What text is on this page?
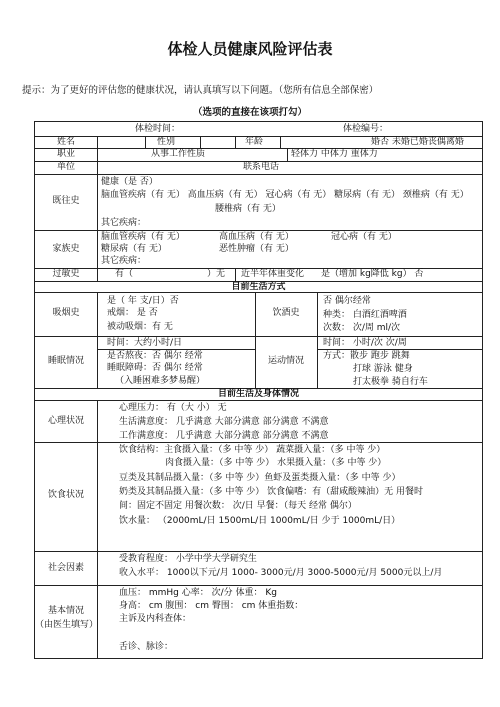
体检人员健康风险评估表
提示：为了更好的评估您的健康状况，请认真填写以下问题。（您所有信息全部保密）
（选项的直接在该项打勾）
体检时间：	体检编号：
姓名	性别	年龄	婚否 未婚已婚丧偶离婚
职业	从事工作性质	轻体力 中体力 重体力
单位	联系电话
既往史
健康（是 否）
脑血管疾病（有 无） 高血压病（有 无） 冠心病（有 无） 糖尿病（有 无） 颈椎病（有 无）
腰椎病（有 无）
其它疾病：
家族史
脑血管疾病（有 无）	高血压病（有 无）	冠心病（有 无）
糖尿病（有 无）	恶性肿瘤（有 无）
其它疾病：
过敏史	有（	）无 近半年体重变化 是（增加 kg降低 kg） 否
目前生活方式
吸烟史
是（ 年 支/日）否
戒烟： 是 否
被动吸烟：有 无
饮酒史
否 偶尔经常
种类： 白酒红酒啤酒
次数： 次/周 ml/次
睡眠情况
时间：大约小时/日
是否熬夜：否 偶尔 经常
睡眠障碍：否 偶尔 经常
（入睡困难多梦易醒）
运动情况
时间： 小时/次 次/周
方式：散步 跑步 跳舞
打球 游泳 健身
打太极拳 骑自行车
目前生活及身体情况
心理状况
心理压力： 有（大 小） 无
生活满意度： 几乎满意 大部分满意 部分满意 不满意
工作满意度： 几乎满意 大部分满意 部分满意 不满意
饮食状况
饮食结构：主食摄入量：（多 中等 少） 蔬菜摄入量：（多 中等 少）
肉食摄入量：（多 中等 少） 水果摄入量：（多 中等 少）
豆类及其制品摄入量：（多 中等 少）鱼虾及蛋类摄入量：（多 中等 少）
奶类及其制品摄入量：（多 中等 少） 饮食偏嗜：有（甜咸酸辣油）无 用餐时
间：固定不固定 用餐次数： 次/日 早餐：（每天 经常 偶尔）
饮水量： （2000mL/日 1500mL/日 1000mL/日 少于 1000mL/日）
社会因素
受教育程度： 小学中学大学研究生
收入水平： 1000以下元/月 1000- 3000元/月 3000-5000元/月 5000元以上/月
基本情况
（由医生填写）
血压： mmHg 心率： 次/分 体重： Kg
身高： cm 腹围： cm 臀围： cm 体重指数：
主诉及内科查体：
舌诊、脉诊：
